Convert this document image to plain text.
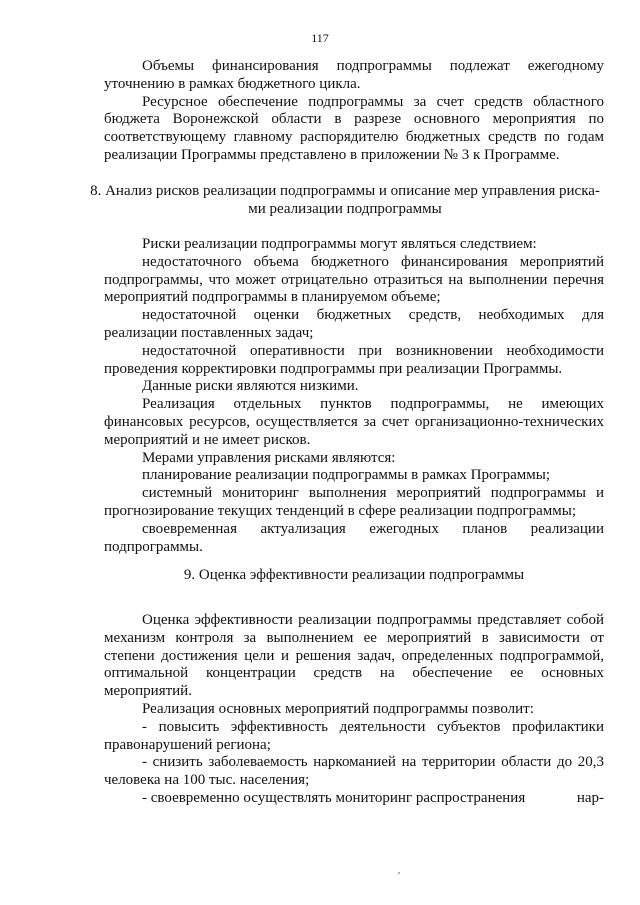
117

Объемы финансирования подпрограммы подлежат ежегодному уточнению в рамках бюджетного цикла.

Ресурсное обеспечение подпрограммы за счет средств областного бюджета Воронежской области в разрезе основного мероприятия по соответствующему главному распорядителю бюджетных средств по годам реализации Программы представлено в приложении № 3 к Программе.

8. Анализ рисков реализации подпрограммы и описание мер управления риска- ми реализации подпрограммы

Риски реализации подпрограммы могут являться следствием:

недостаточного объема бюджетного финансирования мероприятий подпрограммы, что может отрицательно отразиться на выполнении перечня мероприятий подпрограммы в планируемом объеме;

недостаточной оценки бюджетных средств, необходимых для реализации поставленных задач;

недостаточной оперативности при возникновении необходимости проведения корректировки подпрограммы при реализации Программы.

Данные риски являются низкими.

Реализация отдельных пунктов подпрограммы, не имеющих финансовых ресурсов, осуществляется за счет организационно-технических мероприятий и не имеет рисков.

Мерами управления рисками являются:

планирование реализации подпрограммы в рамках Программы;

системный мониторинг выполнения мероприятий подпрограммы и прогнозирование текущих тенденций в сфере реализации подпрограммы;

своевременная актуализация ежегодных планов реализации подпрограммы.

9. Оценка эффективности реализации подпрограммы

Оценка эффективности реализации подпрограммы представляет собой механизм контроля за выполнением ее мероприятий в зависимости от степени достижения цели и решения задач, определенных подпрограммой, оптимальной концентрации средств на обеспечение ее основных мероприятий.

Реализация основных мероприятий подпрограммы позволит:

- повысить эффективность деятельности субъектов профилактики правонарушений региона;

- снизить заболеваемость наркоманией на территории области до 20,3 человека на 100 тыс. населения;

- своевременно осуществлять мониторинг распространения	нар-
